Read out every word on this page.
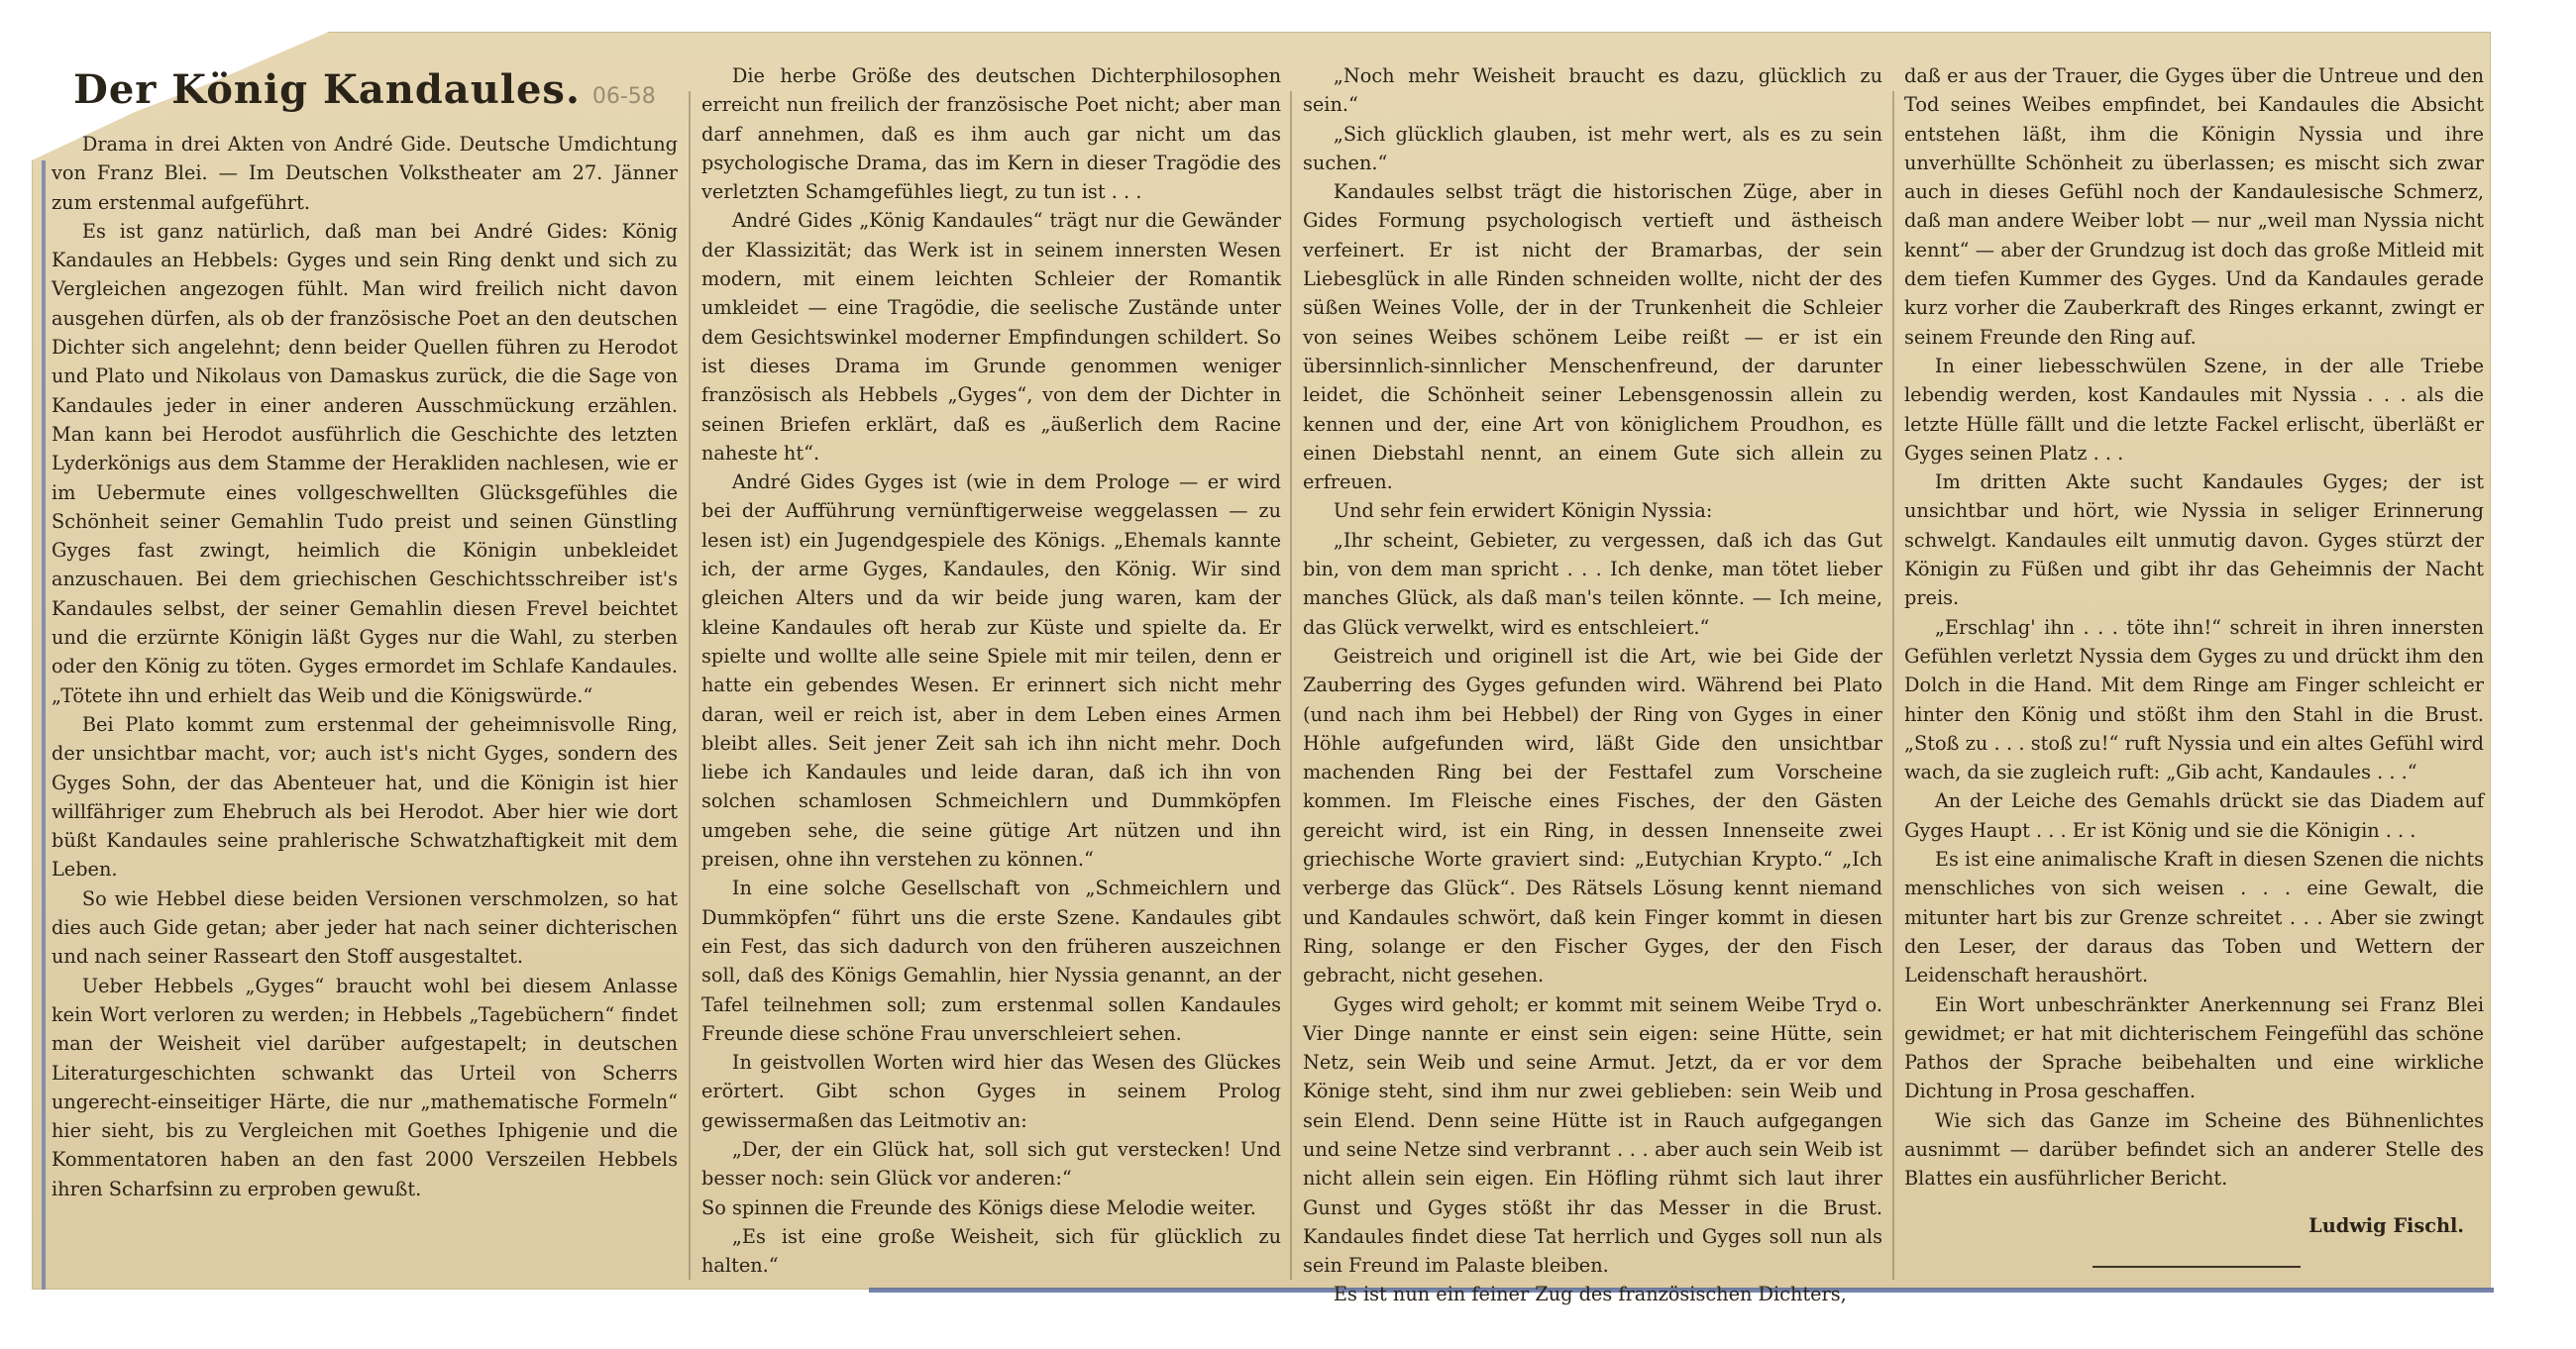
Der König Kandaules. 06-58

Drama in drei Akten von André Gide. Deutsche Umdichtung von Franz Blei. — Im Deutschen Volkstheater am 27. Jänner zum erstenmal aufgeführt.

Es ist ganz natürlich, daß man bei André Gides: König Kandaules an Hebbels: Gyges und sein Ring denkt und sich zu Vergleichen angezogen fühlt. Man wird freilich nicht davon ausgehen dürfen, als ob der französische Poet an den deutschen Dichter sich angelehnt; denn beider Quellen führen zu Herodot und Plato und Nikolaus von Damaskus zurück, die die Sage von Kandaules jeder in einer anderen Ausschmückung erzählen. Man kann bei Herodot ausführlich die Geschichte des letzten Lyderkönigs aus dem Stamme der Herakliden nachlesen, wie er im Uebermute eines vollgeschwellten Glücksgefühles die Schönheit seiner Gemahlin Tudo preist und seinen Günstling Gyges fast zwingt, heimlich die Königin unbekleidet anzuschauen. Bei dem griechischen Geschichtsschreiber ist's Kandaules selbst, der seiner Gemahlin diesen Frevel beichtet und die erzürnte Königin läßt Gyges nur die Wahl, zu sterben oder den König zu töten. Gyges ermordet im Schlafe Kandaules. „Tötete ihn und erhielt das Weib und die Königswürde.“

Bei Plato kommt zum erstenmal der geheimnisvolle Ring, der unsichtbar macht, vor; auch ist's nicht Gyges, sondern des Gyges Sohn, der das Abenteuer hat, und die Königin ist hier willfähriger zum Ehebruch als bei Herodot. Aber hier wie dort büßt Kandaules seine prahlerische Schwatzhaftigkeit mit dem Leben.

So wie Hebbel diese beiden Versionen verschmolzen, so hat dies auch Gide getan; aber jeder hat nach seiner dichterischen und nach seiner Rasseart den Stoff ausgestaltet.

Ueber Hebbels „Gyges“ braucht wohl bei diesem Anlasse kein Wort verloren zu werden; in Hebbels „Tagebüchern“ findet man der Weisheit viel darüber aufgestapelt; in deutschen Literaturgeschichten schwankt das Urteil von Scherrs ungerecht-einseitiger Härte, die nur „mathematische Formeln“ hier sieht, bis zu Vergleichen mit Goethes Iphigenie und die Kommentatoren haben an den fast 2000 Verszeilen Hebbels ihren Scharfsinn zu erproben gewußt.

Die herbe Größe des deutschen Dichterphilosophen erreicht nun freilich der französische Poet nicht; aber man darf annehmen, daß es ihm auch gar nicht um das psychologische Drama, das im Kern in dieser Tragödie des verletzten Schamgefühles liegt, zu tun ist . . .

André Gides „König Kandaules“ trägt nur die Gewänder der Klassizität; das Werk ist in seinem innersten Wesen modern, mit einem leichten Schleier der Romantik umkleidet — eine Tragödie, die seelische Zustände unter dem Gesichtswinkel moderner Empfindungen schildert. So ist dieses Drama im Grunde genommen weniger französisch als Hebbels „Gyges“, von dem der Dichter in seinen Briefen erklärt, daß es „äußerlich dem Racine naheste ht“.

André Gides Gyges ist (wie in dem Prologe — er wird bei der Aufführung vernünftigerweise weggelassen — zu lesen ist) ein Jugendgespiele des Königs. „Ehemals kannte ich, der arme Gyges, Kandaules, den König. Wir sind gleichen Alters und da wir beide jung waren, kam der kleine Kandaules oft herab zur Küste und spielte da. Er spielte und wollte alle seine Spiele mit mir teilen, denn er hatte ein gebendes Wesen. Er erinnert sich nicht mehr daran, weil er reich ist, aber in dem Leben eines Armen bleibt alles. Seit jener Zeit sah ich ihn nicht mehr. Doch liebe ich Kandaules und leide daran, daß ich ihn von solchen schamlosen Schmeichlern und Dummköpfen umgeben sehe, die seine gütige Art nützen und ihn preisen, ohne ihn verstehen zu können.“

In eine solche Gesellschaft von „Schmeichlern und Dummköpfen“ führt uns die erste Szene. Kandaules gibt ein Fest, das sich dadurch von den früheren auszeichnen soll, daß des Königs Gemahlin, hier Nyssia genannt, an der Tafel teilnehmen soll; zum erstenmal sollen Kandaules Freunde diese schöne Frau unverschleiert sehen.

In geistvollen Worten wird hier das Wesen des Glückes erörtert. Gibt schon Gyges in seinem Prolog gewissermaßen das Leitmotiv an:

„Der, der ein Glück hat, soll sich gut verstecken! Und besser noch: sein Glück vor anderen:“

So spinnen die Freunde des Königs diese Melodie weiter.

„Es ist eine große Weisheit, sich für glücklich zu halten.“

„Noch mehr Weisheit braucht es dazu, glücklich zu sein.“

„Sich glücklich glauben, ist mehr wert, als es zu sein suchen.“

Kandaules selbst trägt die historischen Züge, aber in Gides Formung psychologisch vertieft und ästheisch verfeinert. Er ist nicht der Bramarbas, der sein Liebesglück in alle Rinden schneiden wollte, nicht der des süßen Weines Volle, der in der Trunkenheit die Schleier von seines Weibes schönem Leibe reißt — er ist ein übersinnlich-sinnlicher Menschenfreund, der darunter leidet, die Schönheit seiner Lebensgenossin allein zu kennen und der, eine Art von königlichem Proudhon, es einen Diebstahl nennt, an einem Gute sich allein zu erfreuen.

Und sehr fein erwidert Königin Nyssia:

„Ihr scheint, Gebieter, zu vergessen, daß ich das Gut bin, von dem man spricht . . . Ich denke, man tötet lieber manches Glück, als daß man's teilen könnte. — Ich meine, das Glück verwelkt, wird es entschleiert.“

Geistreich und originell ist die Art, wie bei Gide der Zauberring des Gyges gefunden wird. Während bei Plato (und nach ihm bei Hebbel) der Ring von Gyges in einer Höhle aufgefunden wird, läßt Gide den unsichtbar machenden Ring bei der Festtafel zum Vorscheine kommen. Im Fleische eines Fisches, der den Gästen gereicht wird, ist ein Ring, in dessen Innenseite zwei griechische Worte graviert sind: „Eutychian Krypto.“ „Ich verberge das Glück“. Des Rätsels Lösung kennt niemand und Kandaules schwört, daß kein Finger kommt in diesen Ring, solange er den Fischer Gyges, der den Fisch gebracht, nicht gesehen.

Gyges wird geholt; er kommt mit seinem Weibe Tryd o. Vier Dinge nannte er einst sein eigen: seine Hütte, sein Netz, sein Weib und seine Armut. Jetzt, da er vor dem Könige steht, sind ihm nur zwei geblieben: sein Weib und sein Elend. Denn seine Hütte ist in Rauch aufgegangen und seine Netze sind verbrannt . . . aber auch sein Weib ist nicht allein sein eigen. Ein Höfling rühmt sich laut ihrer Gunst und Gyges stößt ihr das Messer in die Brust. Kandaules findet diese Tat herrlich und Gyges soll nun als sein Freund im Palaste bleiben.

Es ist nun ein feiner Zug des französischen Dichters,

daß er aus der Trauer, die Gyges über die Untreue und den Tod seines Weibes empfindet, bei Kandaules die Absicht entstehen läßt, ihm die Königin Nyssia und ihre unverhüllte Schönheit zu überlassen; es mischt sich zwar auch in dieses Gefühl noch der Kandaulesische Schmerz, daß man andere Weiber lobt — nur „weil man Nyssia nicht kennt“ — aber der Grundzug ist doch das große Mitleid mit dem tiefen Kummer des Gyges. Und da Kandaules gerade kurz vorher die Zauberkraft des Ringes erkannt, zwingt er seinem Freunde den Ring auf.

In einer liebesschwülen Szene, in der alle Triebe lebendig werden, kost Kandaules mit Nyssia . . . als die letzte Hülle fällt und die letzte Fackel erlischt, überläßt er Gyges seinen Platz . . .

Im dritten Akte sucht Kandaules Gyges; der ist unsichtbar und hört, wie Nyssia in seliger Erinnerung schwelgt. Kandaules eilt unmutig davon. Gyges stürzt der Königin zu Füßen und gibt ihr das Geheimnis der Nacht preis.

„Erschlag' ihn . . . töte ihn!“ schreit in ihren innersten Gefühlen verletzt Nyssia dem Gyges zu und drückt ihm den Dolch in die Hand. Mit dem Ringe am Finger schleicht er hinter den König und stößt ihm den Stahl in die Brust. „Stoß zu . . . stoß zu!“ ruft Nyssia und ein altes Gefühl wird wach, da sie zugleich ruft: „Gib acht, Kandaules . . .“

An der Leiche des Gemahls drückt sie das Diadem auf Gyges Haupt . . . Er ist König und sie die Königin . . .

Es ist eine animalische Kraft in diesen Szenen die nichts menschliches von sich weisen . . . eine Gewalt, die mitunter hart bis zur Grenze schreitet . . . Aber sie zwingt den Leser, der daraus das Toben und Wettern der Leidenschaft heraushört.

Ein Wort unbeschränkter Anerkennung sei Franz Blei gewidmet; er hat mit dichterischem Feingefühl das schöne Pathos der Sprache beibehalten und eine wirkliche Dichtung in Prosa geschaffen.

Wie sich das Ganze im Scheine des Bühnenlichtes ausnimmt — darüber befindet sich an anderer Stelle des Blattes ein ausführlicher Bericht.

Ludwig Fischl.
